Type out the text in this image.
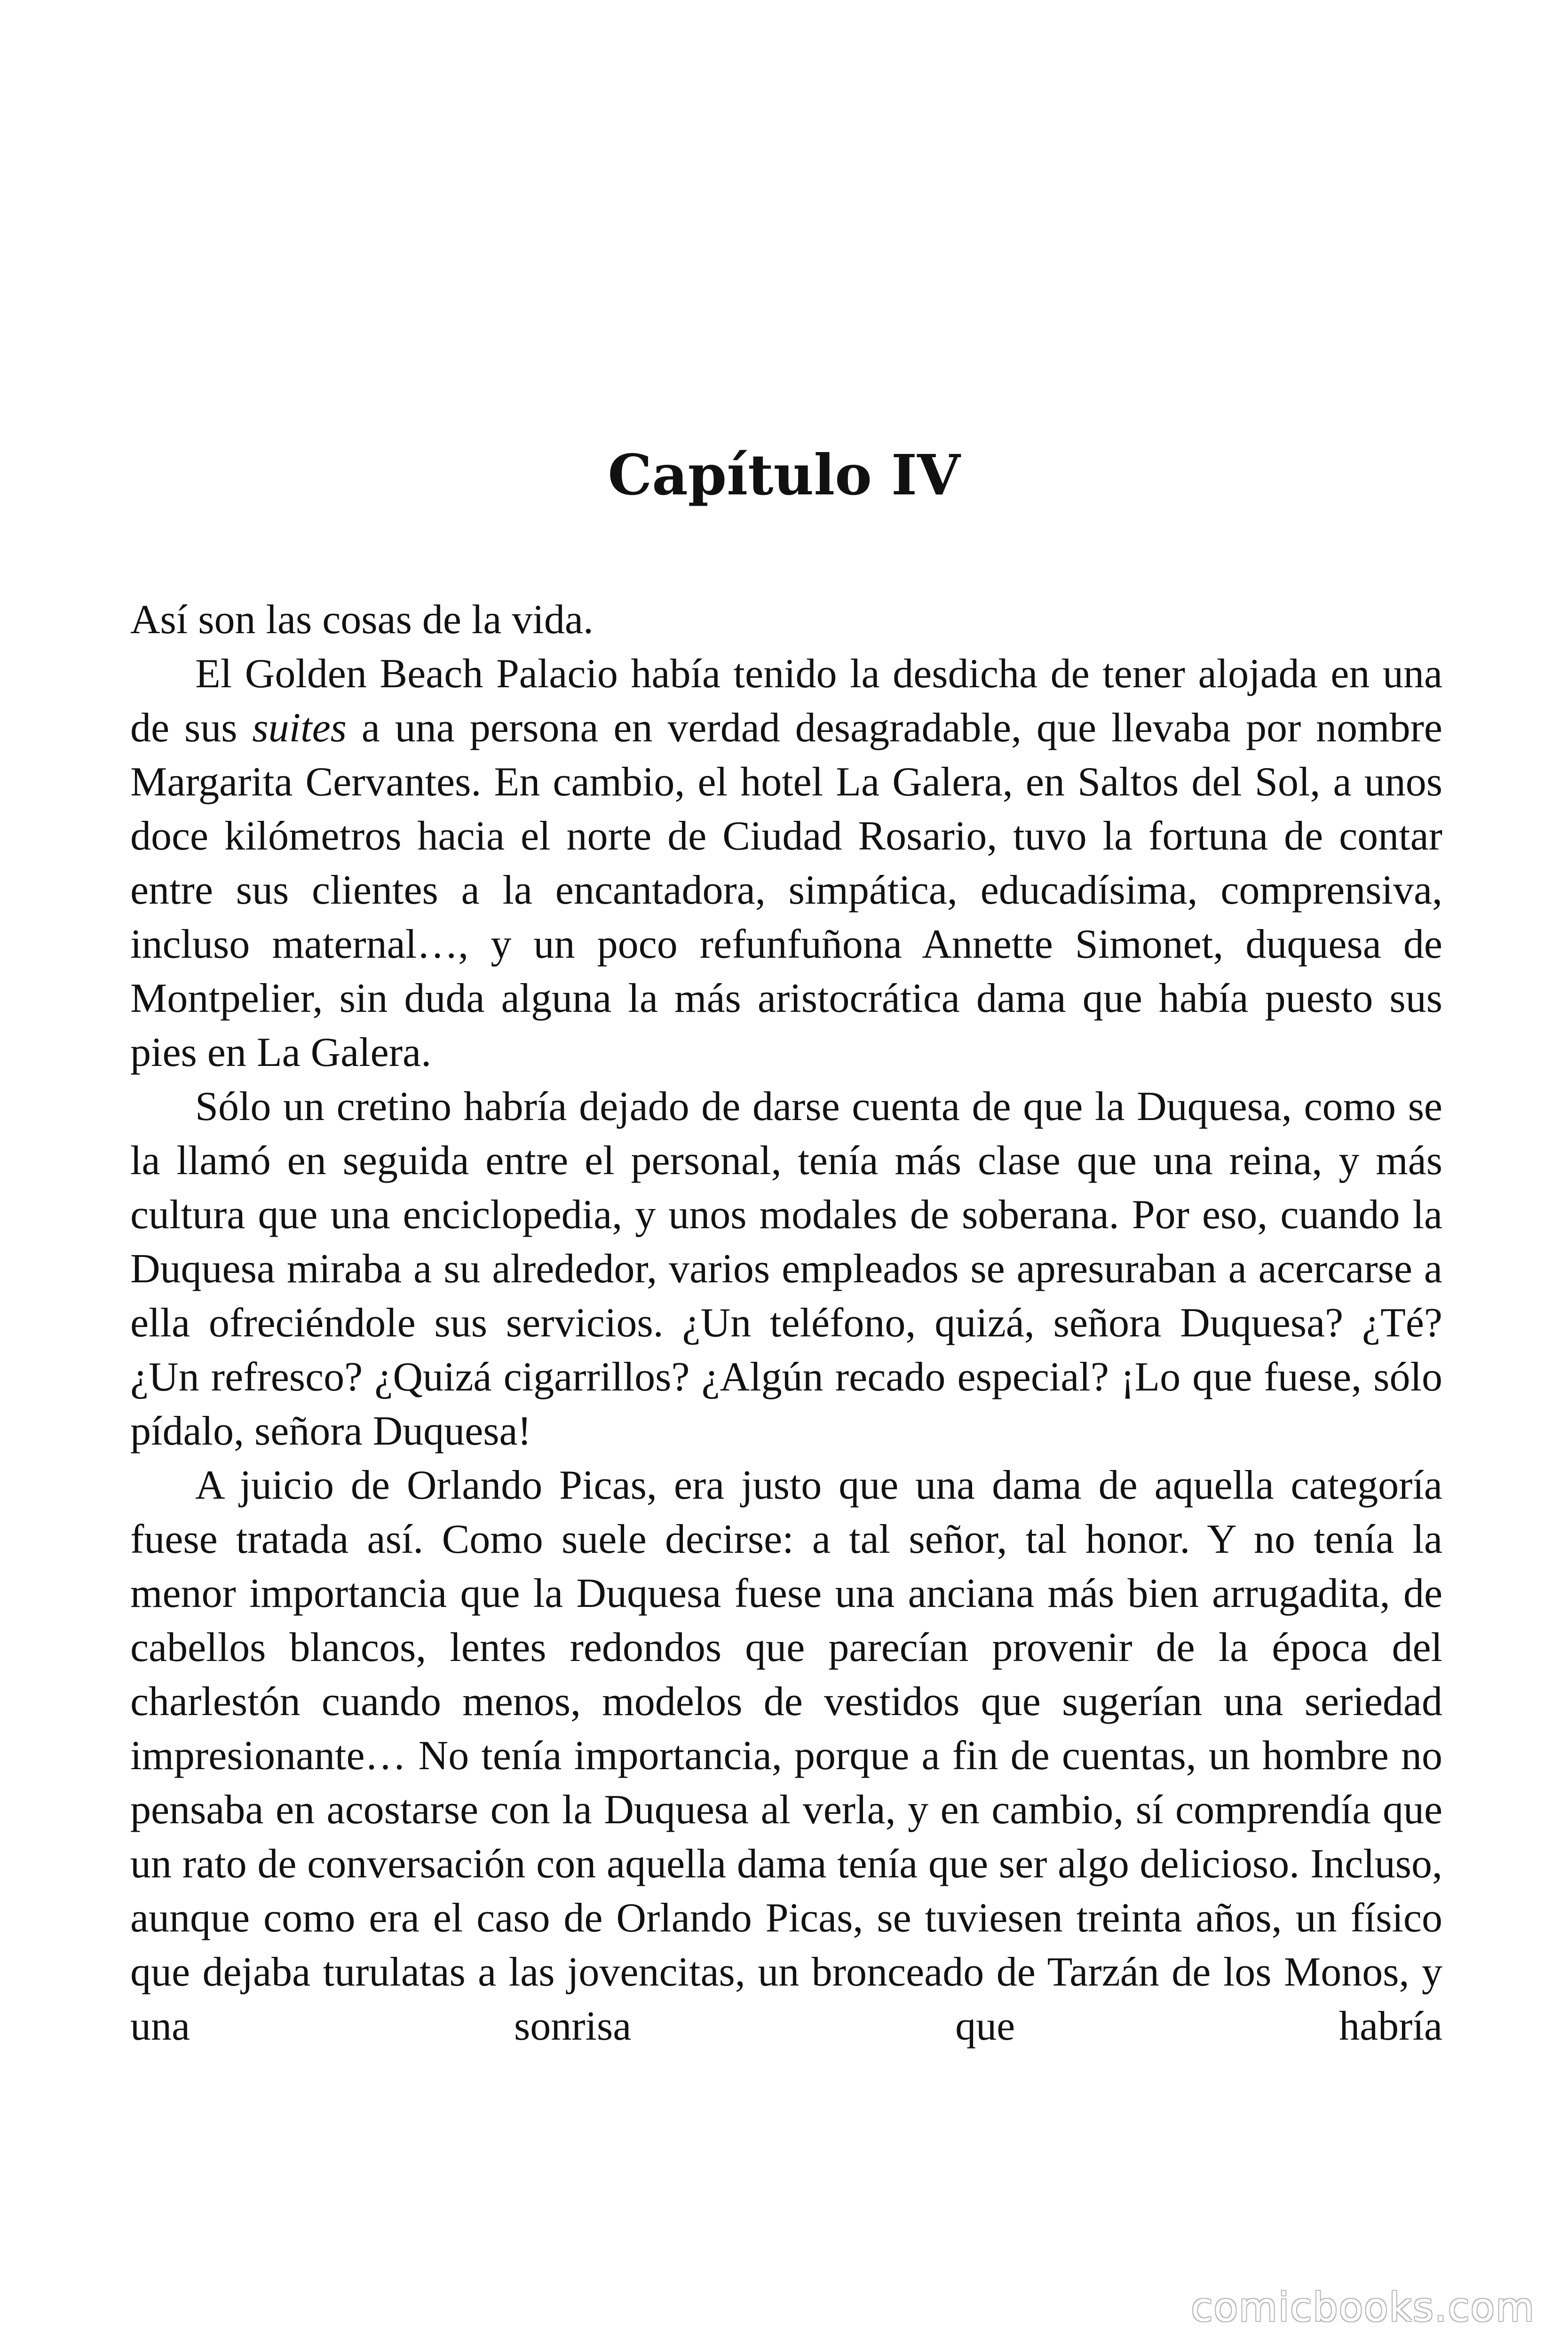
Capítulo IV

Así son las cosas de la vida.

El Golden Beach Palacio había tenido la desdicha de tener alojada en una de sus suites a una persona en verdad desagradable, que llevaba por nombre Margarita Cervantes. En cambio, el hotel La Galera, en Saltos del Sol, a unos doce kilómetros hacia el norte de Ciudad Rosario, tuvo la fortuna de contar entre sus clientes a la encantadora, simpática, educadísima, comprensiva, incluso maternal…, y un poco refunfuñona Annette Simonet, duquesa de Montpelier, sin duda alguna la más aristocrática dama que había puesto sus pies en La Galera.

Sólo un cretino habría dejado de darse cuenta de que la Duquesa, como se la llamó en seguida entre el personal, tenía más clase que una reina, y más cultura que una enciclopedia, y unos modales de soberana. Por eso, cuando la Duquesa miraba a su alrededor, varios empleados se apresuraban a acercarse a ella ofreciéndole sus servicios. ¿Un teléfono, quizá, señora Duquesa? ¿Té? ¿Un refresco? ¿Quizá cigarrillos? ¿Algún recado especial? ¡Lo que fuese, sólo pídalo, señora Duquesa!

A juicio de Orlando Picas, era justo que una dama de aquella categoría fuese tratada así. Como suele decirse: a tal señor, tal honor. Y no tenía la menor importancia que la Duquesa fuese una anciana más bien arrugadita, de cabellos blancos, lentes redondos que parecían provenir de la época del charlestón cuando menos, modelos de vestidos que sugerían una seriedad impresionante… No tenía importancia, porque a fin de cuentas, un hombre no pensaba en acostarse con la Duquesa al verla, y en cambio, sí comprendía que un rato de conversación con aquella dama tenía que ser algo delicioso. Incluso, aunque como era el caso de Orlando Picas, se tuviesen treinta años, un físico que dejaba turulatas a las jovencitas, un bronceado de Tarzán de los Monos, y una sonrisa que habría

comicbooks.com
